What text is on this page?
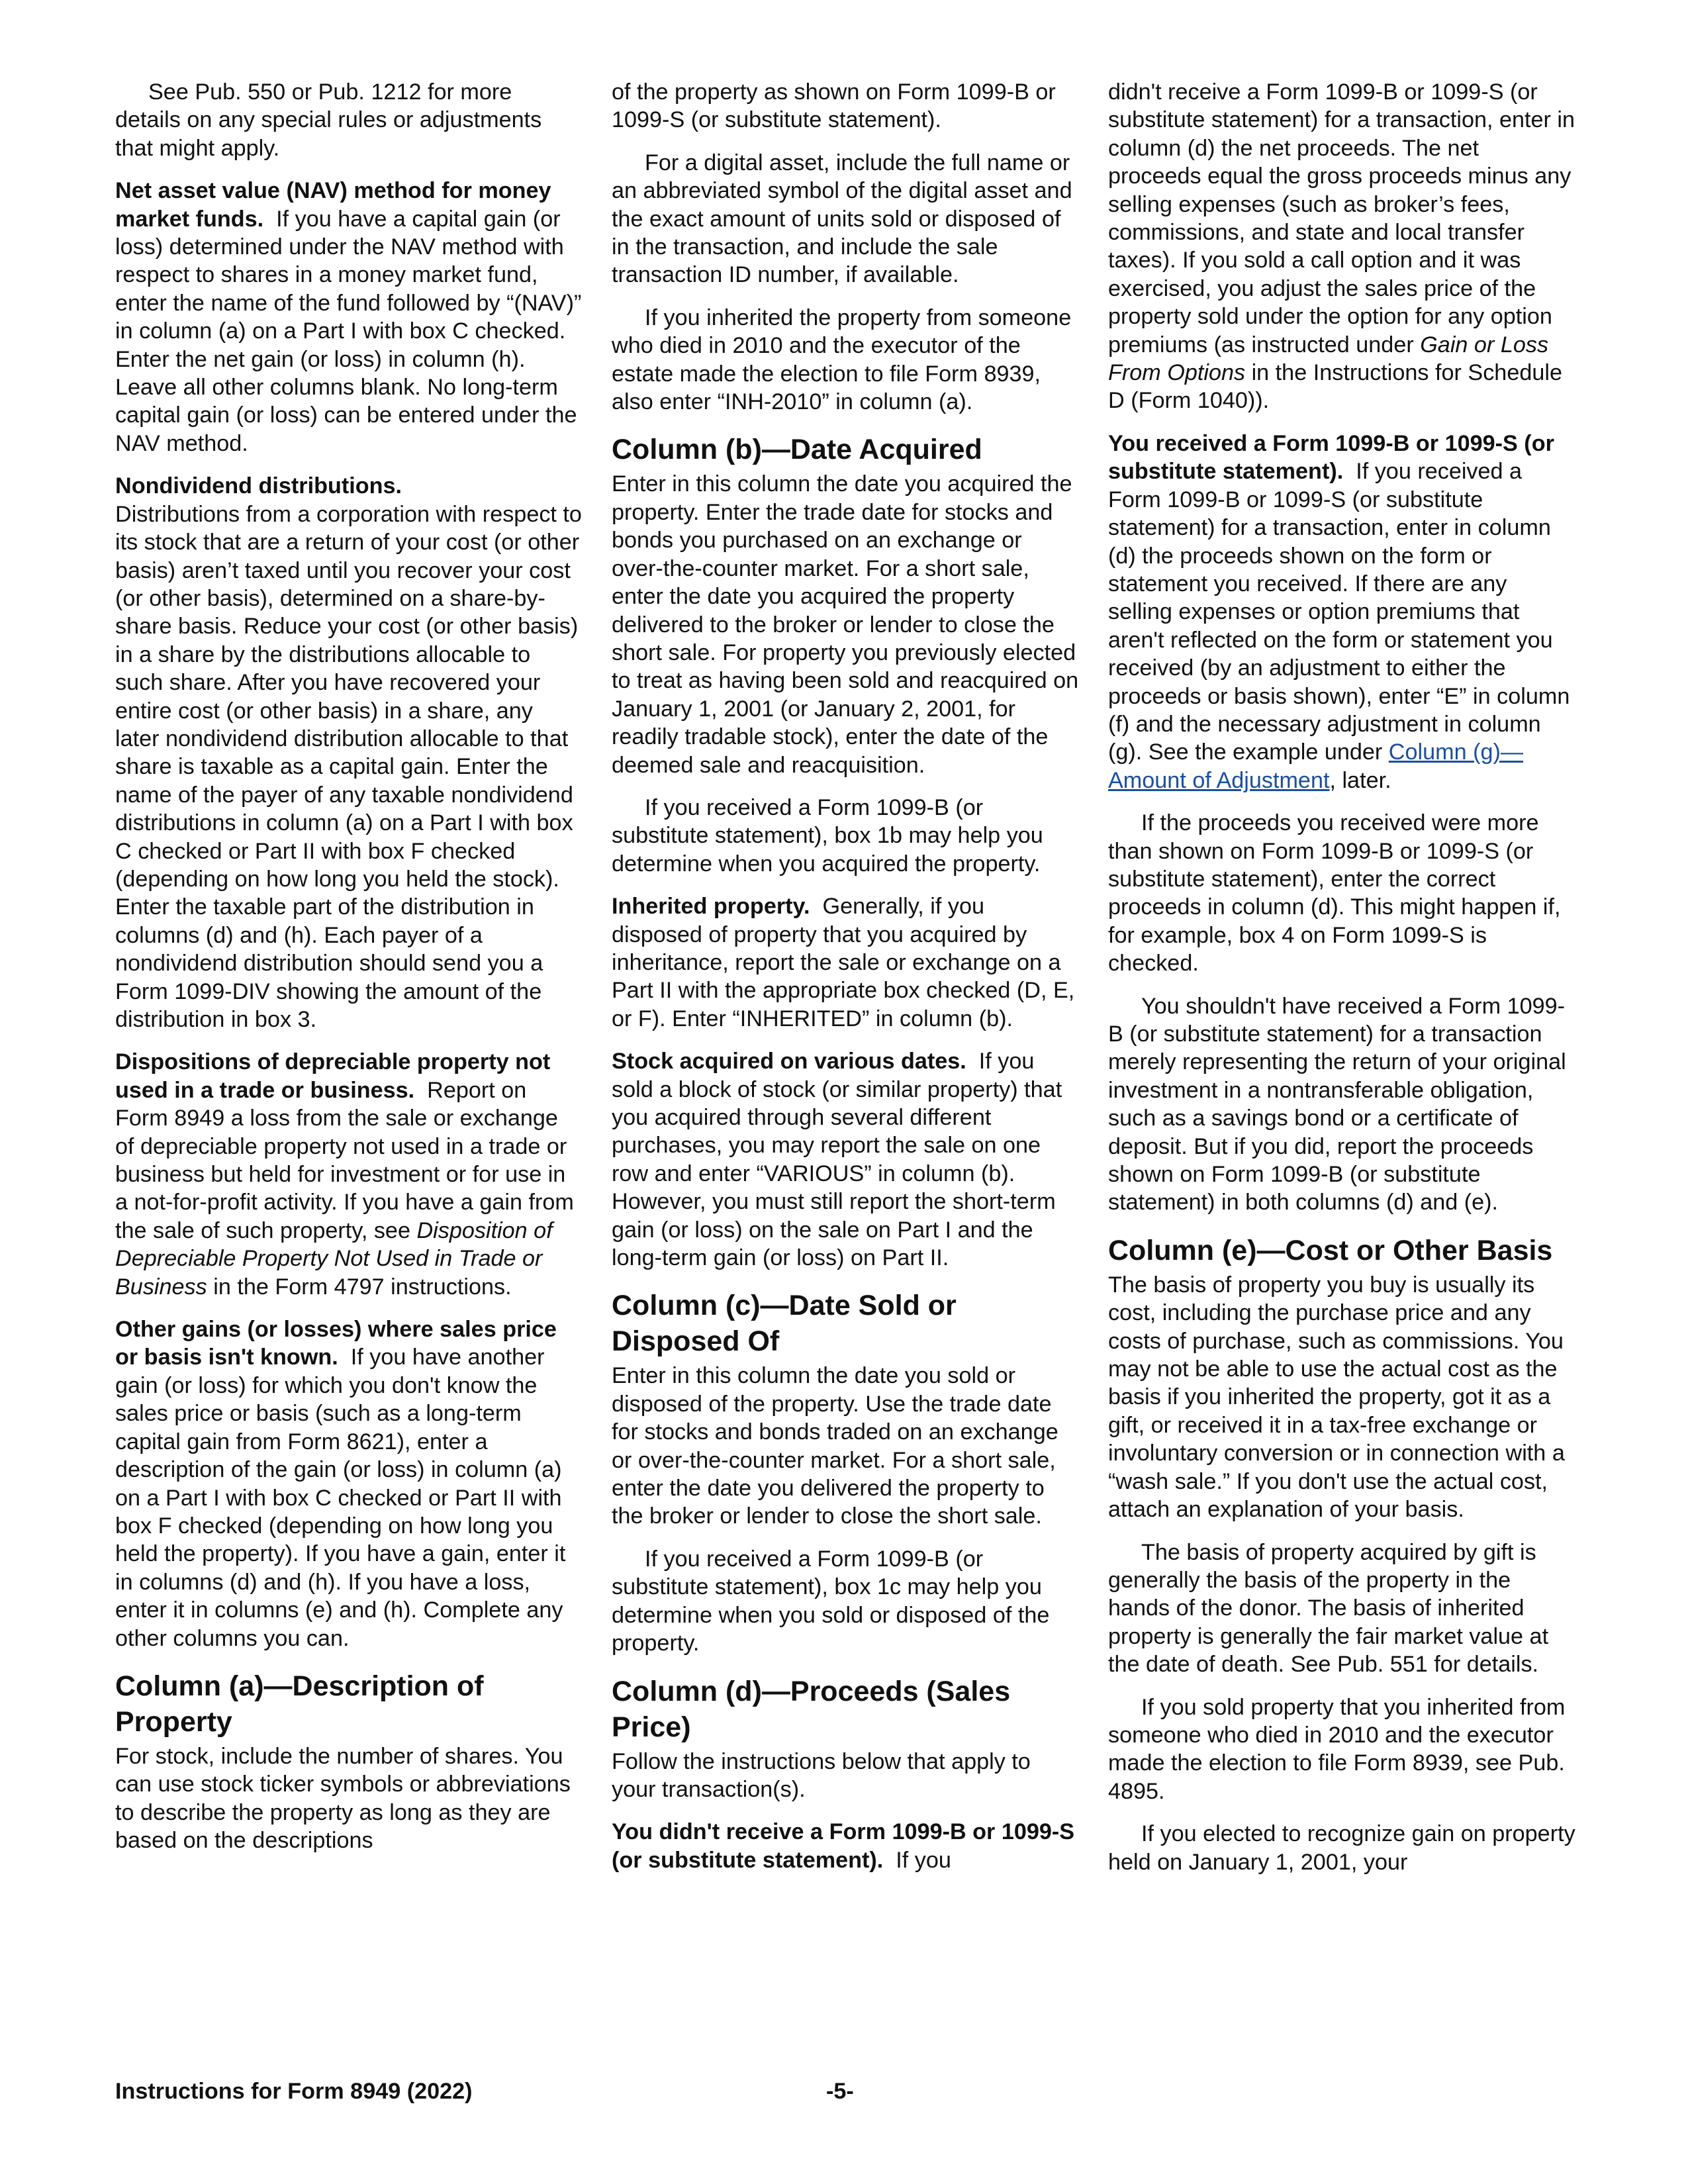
See Pub. 550 or Pub. 1212 for more details on any special rules or adjustments that might apply.

Net asset value (NAV) method for money market funds. If you have a capital gain (or loss) determined under the NAV method with respect to shares in a money market fund, enter the name of the fund followed by “(NAV)” in column (a) on a Part I with box C checked. Enter the net gain (or loss) in column (h). Leave all other columns blank. No long-term capital gain (or loss) can be entered under the NAV method.

Nondividend distributions.
Distributions from a corporation with respect to its stock that are a return of your cost (or other basis) aren’t taxed until you recover your cost (or other basis), determined on a share-by-share basis. Reduce your cost (or other basis) in a share by the distributions allocable to such share. After you have recovered your entire cost (or other basis) in a share, any later nondividend distribution allocable to that share is taxable as a capital gain. Enter the name of the payer of any taxable nondividend distributions in column (a) on a Part I with box C checked or Part II with box F checked (depending on how long you held the stock). Enter the taxable part of the distribution in columns (d) and (h). Each payer of a nondividend distribution should send you a Form 1099-DIV showing the amount of the distribution in box 3.

Dispositions of depreciable property not used in a trade or business. Report on Form 8949 a loss from the sale or exchange of depreciable property not used in a trade or business but held for investment or for use in a not-for-profit activity. If you have a gain from the sale of such property, see Disposition of Depreciable Property Not Used in Trade or Business in the Form 4797 instructions.

Other gains (or losses) where sales price or basis isn't known. If you have another gain (or loss) for which you don't know the sales price or basis (such as a long-term capital gain from Form 8621), enter a description of the gain (or loss) in column (a) on a Part I with box C checked or Part II with box F checked (depending on how long you held the property). If you have a gain, enter it in columns (d) and (h). If you have a loss, enter it in columns (e) and (h). Complete any other columns you can.

Column (a)—Description of Property

For stock, include the number of shares. You can use stock ticker symbols or abbreviations to describe the property as long as they are based on the descriptions

of the property as shown on Form 1099-B or 1099-S (or substitute statement).

For a digital asset, include the full name or an abbreviated symbol of the digital asset and the exact amount of units sold or disposed of in the transaction, and include the sale transaction ID number, if available.

If you inherited the property from someone who died in 2010 and the executor of the estate made the election to file Form 8939, also enter “INH-2010” in column (a).

Column (b)—Date Acquired

Enter in this column the date you acquired the property. Enter the trade date for stocks and bonds you purchased on an exchange or over-the-counter market. For a short sale, enter the date you acquired the property delivered to the broker or lender to close the short sale. For property you previously elected to treat as having been sold and reacquired on January 1, 2001 (or January 2, 2001, for readily tradable stock), enter the date of the deemed sale and reacquisition.

If you received a Form 1099-B (or substitute statement), box 1b may help you determine when you acquired the property.

Inherited property. Generally, if you disposed of property that you acquired by inheritance, report the sale or exchange on a Part II with the appropriate box checked (D, E, or F). Enter “INHERITED” in column (b).

Stock acquired on various dates. If you sold a block of stock (or similar property) that you acquired through several different purchases, you may report the sale on one row and enter “VARIOUS” in column (b). However, you must still report the short-term gain (or loss) on the sale on Part I and the long-term gain (or loss) on Part II.

Column (c)—Date Sold or Disposed Of

Enter in this column the date you sold or disposed of the property. Use the trade date for stocks and bonds traded on an exchange or over-the-counter market. For a short sale, enter the date you delivered the property to the broker or lender to close the short sale.

If you received a Form 1099-B (or substitute statement), box 1c may help you determine when you sold or disposed of the property.

Column (d)—Proceeds (Sales Price)

Follow the instructions below that apply to your transaction(s).

You didn't receive a Form 1099-B or 1099-S (or substitute statement). If you

didn't receive a Form 1099-B or 1099-S (or substitute statement) for a transaction, enter in column (d) the net proceeds. The net proceeds equal the gross proceeds minus any selling expenses (such as broker’s fees, commissions, and state and local transfer taxes). If you sold a call option and it was exercised, you adjust the sales price of the property sold under the option for any option premiums (as instructed under Gain or Loss From Options in the Instructions for Schedule D (Form 1040)).

You received a Form 1099-B or 1099-S (or substitute statement). If you received a Form 1099-B or 1099-S (or substitute statement) for a transaction, enter in column (d) the proceeds shown on the form or statement you received. If there are any selling expenses or option premiums that aren't reflected on the form or statement you received (by an adjustment to either the proceeds or basis shown), enter “E” in column (f) and the necessary adjustment in column (g). See the example under Column (g)—Amount of Adjustment, later.

If the proceeds you received were more than shown on Form 1099-B or 1099-S (or substitute statement), enter the correct proceeds in column (d). This might happen if, for example, box 4 on Form 1099-S is checked.

You shouldn't have received a Form 1099-B (or substitute statement) for a transaction merely representing the return of your original investment in a nontransferable obligation, such as a savings bond or a certificate of deposit. But if you did, report the proceeds shown on Form 1099-B (or substitute statement) in both columns (d) and (e).

Column (e)—Cost or Other Basis

The basis of property you buy is usually its cost, including the purchase price and any costs of purchase, such as commissions. You may not be able to use the actual cost as the basis if you inherited the property, got it as a gift, or received it in a tax-free exchange or involuntary conversion or in connection with a “wash sale.” If you don't use the actual cost, attach an explanation of your basis.

The basis of property acquired by gift is generally the basis of the property in the hands of the donor. The basis of inherited property is generally the fair market value at the date of death. See Pub. 551 for details.

If you sold property that you inherited from someone who died in 2010 and the executor made the election to file Form 8939, see Pub. 4895.

If you elected to recognize gain on property held on January 1, 2001, your

Instructions for Form 8949 (2022)	-5-
